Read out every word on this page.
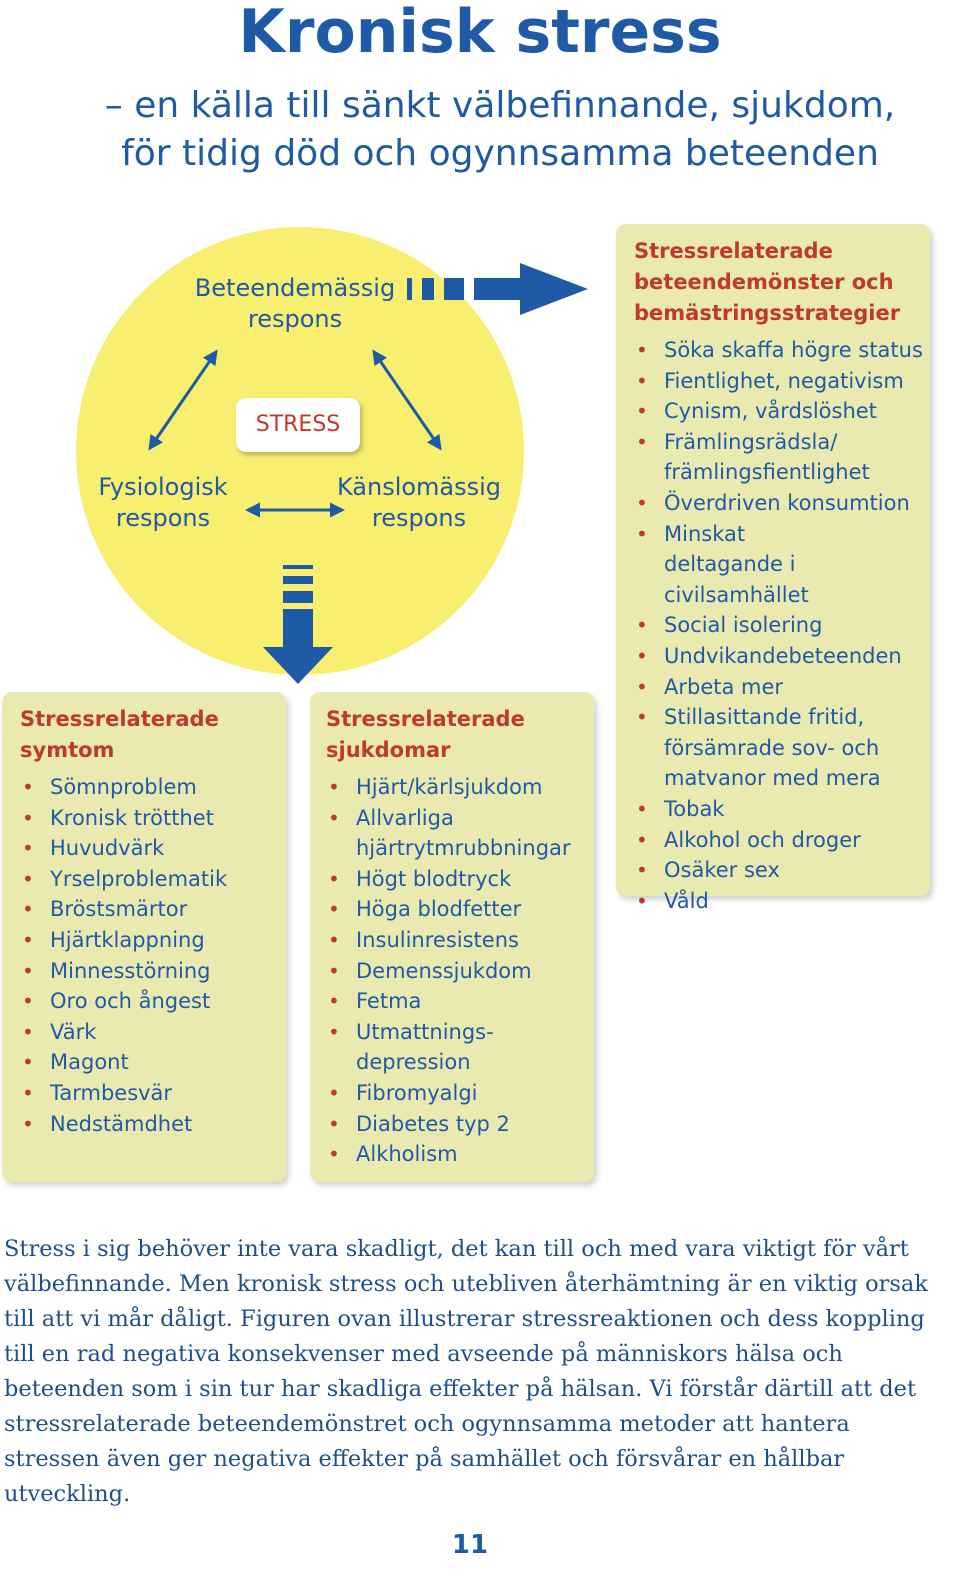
Kronisk stress
– en källa till sänkt välbefinnande, sjukdom,
för tidig död och ogynnsamma beteenden
Beteendemässig
respons
Fysiologisk
respons
Känslomässig
respons
STRESS
Stressrelaterade
symtom
• Sömnproblem
• Kronisk trötthet
• Huvudvärk
• Yrselproblematik
• Bröstsmärtor
• Hjärtklappning
• Minnesstörning
• Oro och ångest
• Värk
• Magont
• Tarmbesvär
• Nedstämdhet
Stressrelaterade
sjukdomar
• Hjärt/kärlsjukdom
• Allvarliga hjärtrytmrubbningar
• Högt blodtryck
• Höga blodfetter
• Insulinresistens
• Demenssjukdom
• Fetma
• Utmattnings- depression
• Fibromyalgi
• Diabetes typ 2
• Alkholism
Stressrelaterade
beteendemönster och
bemästringsstrategier
• Söka skaffa högre status
• Fientlighet, negativism
• Cynism, vårdslöshet
• Främlingsrädsla/ främlingsfientlighet
• Överdriven konsumtion
• Minskat deltagande i civilsamhället
• Social isolering
• Undvikandebeteenden
• Arbeta mer
• Stillasittande fritid, försämrade sov- och matvanor med mera
• Tobak
• Alkohol och droger
• Osäker sex
• Våld

Stress i sig behöver inte vara skadligt, det kan till och med vara viktigt för vårt välbefinnande. Men kronisk stress och utebliven återhämtning är en viktig orsak till att vi mår dåligt. Figuren ovan illustrerar stressreaktionen och dess koppling till en rad negativa konsekvenser med avseende på människors hälsa och beteenden som i sin tur har skadliga effekter på hälsan. Vi förstår därtill att det stressrelaterade beteendemönstret och ogynnsamma metoder att hantera stressen även ger negativa effekter på samhället och försvårar en hållbar utveckling.

11
